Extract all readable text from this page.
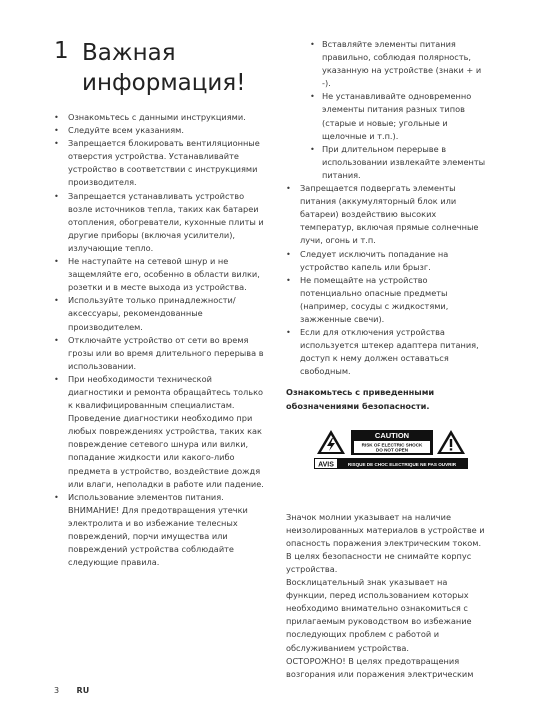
1 Важная информация!
• Ознакомьтесь с данными инструкциями.
• Следуйте всем указаниям.
• Запрещается блокировать вентиляционные отверстия устройства. Устанавливайте устройство в соответствии с инструкциями производителя.
• Запрещается устанавливать устройство возле источников тепла, таких как батареи отопления, обогреватели, кухонные плиты и другие приборы (включая усилители), излучающие тепло.
• Не наступайте на сетевой шнур и не защемляйте его, особенно в области вилки, розетки и в месте выхода из устройства.
• Используйте только принадлежности/ аксессуары, рекомендованные производителем.
• Отключайте устройство от сети во время грозы или во время длительного перерыва в использовании.
• При необходимости технической диагностики и ремонта обращайтесь только к квалифицированным специалистам. Проведение диагностики необходимо при любых повреждениях устройства, таких как повреждение сетевого шнура или вилки, попадание жидкости или какого-либо предмета в устройство, воздействие дождя или влаги, неполадки в работе или падение.
• Использование элементов питания. ВНИМАНИЕ! Для предотвращения утечки электролита и во избежание телесных повреждений, порчи имущества или повреждений устройства соблюдайте следующие правила.
• Вставляйте элементы питания правильно, соблюдая полярность, указанную на устройстве (знаки + и -).
• Не устанавливайте одновременно элементы питания разных типов (старые и новые; угольные и щелочные и т.п.).
• При длительном перерыве в использовании извлекайте элементы питания.
• Запрещается подвергать элементы питания (аккумуляторный блок или батареи) воздействию высоких температур, включая прямые солнечные лучи, огонь и т.п.
• Следует исключить попадание на устройство капель или брызг.
• Не помещайте на устройство потенциально опасные предметы (например, сосуды с жидкостями, зажженные свечи).
• Если для отключения устройства используется штекер адаптера питания, доступ к нему должен оставаться свободным.
Ознакомьтесь с приведенными обозначениями безопасности.
CAUTION
RISK OF ELECTRIC SHOCK
DO NOT OPEN
AVIS	RISQUE DE CHOC ELECTRIQUE NE PAS OUVRIR

Значок молнии указывает на наличие неизолированных материалов в устройстве и опасность поражения электрическим током. В целях безопасности не снимайте корпус устройства.

Восклицательный знак указывает на функции, перед использованием которых необходимо внимательно ознакомиться с прилагаемым руководством во избежание последующих проблем с работой и обслуживанием устройства.

ОСТОРОЖНО! В целях предотвращения возгорания или поражения электрическим

3 RU
